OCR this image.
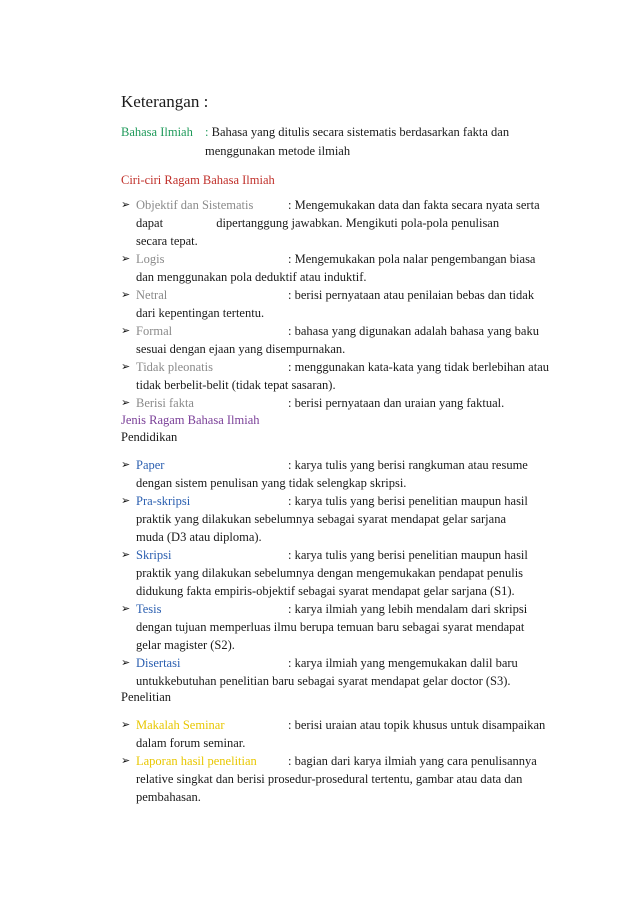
Keterangan :
Bahasa Ilmiah : Bahasa yang ditulis secara sistematis berdasarkan fakta dan
menggunakan metode ilmiah
Ciri-ciri Ragam Bahasa Ilmiah
➢ Objektif dan Sistematis	: Mengemukakan data dan fakta secara nyata serta
dapat                 dipertanggung jawabkan. Mengikuti pola-pola penulisan
secara tepat.
➢ Logis	: Mengemukakan pola nalar pengembangan biasa
dan menggunakan pola deduktif atau induktif.
➢ Netral	: berisi pernyataan atau penilaian bebas dan tidak
dari kepentingan tertentu.
➢ Formal	: bahasa yang digunakan adalah bahasa yang baku
sesuai dengan ejaan yang disempurnakan.
➢ Tidak pleonatis	: menggunakan kata-kata yang tidak berlebihan atau
tidak berbelit-belit (tidak tepat sasaran).
➢ Berisi fakta	: berisi pernyataan dan uraian yang faktual.
Jenis Ragam Bahasa Ilmiah
Pendidikan
➢ Paper	: karya tulis yang berisi rangkuman atau resume
dengan sistem penulisan yang tidak selengkap skripsi.
➢ Pra-skripsi	: karya tulis yang berisi penelitian maupun hasil
praktik yang dilakukan sebelumnya sebagai syarat mendapat gelar sarjana
muda (D3 atau diploma).
➢ Skripsi	: karya tulis yang berisi penelitian maupun hasil
praktik yang dilakukan sebelumnya dengan mengemukakan pendapat penulis
didukung fakta empiris-objektif sebagai syarat mendapat gelar sarjana (S1).
➢ Tesis	: karya ilmiah yang lebih mendalam dari skripsi
dengan tujuan memperluas ilmu berupa temuan baru sebagai syarat mendapat
gelar magister (S2).
➢ Disertasi	: karya ilmiah yang mengemukakan dalil baru
untukkebutuhan penelitian baru sebagai syarat mendapat gelar doctor (S3).
Penelitian
➢ Makalah Seminar	: berisi uraian atau topik khusus untuk disampaikan
dalam forum seminar.
➢ Laporan hasil penelitian : bagian dari karya ilmiah yang cara penulisannya
relative singkat dan berisi prosedur-prosedural tertentu, gambar atau data dan
pembahasan.
